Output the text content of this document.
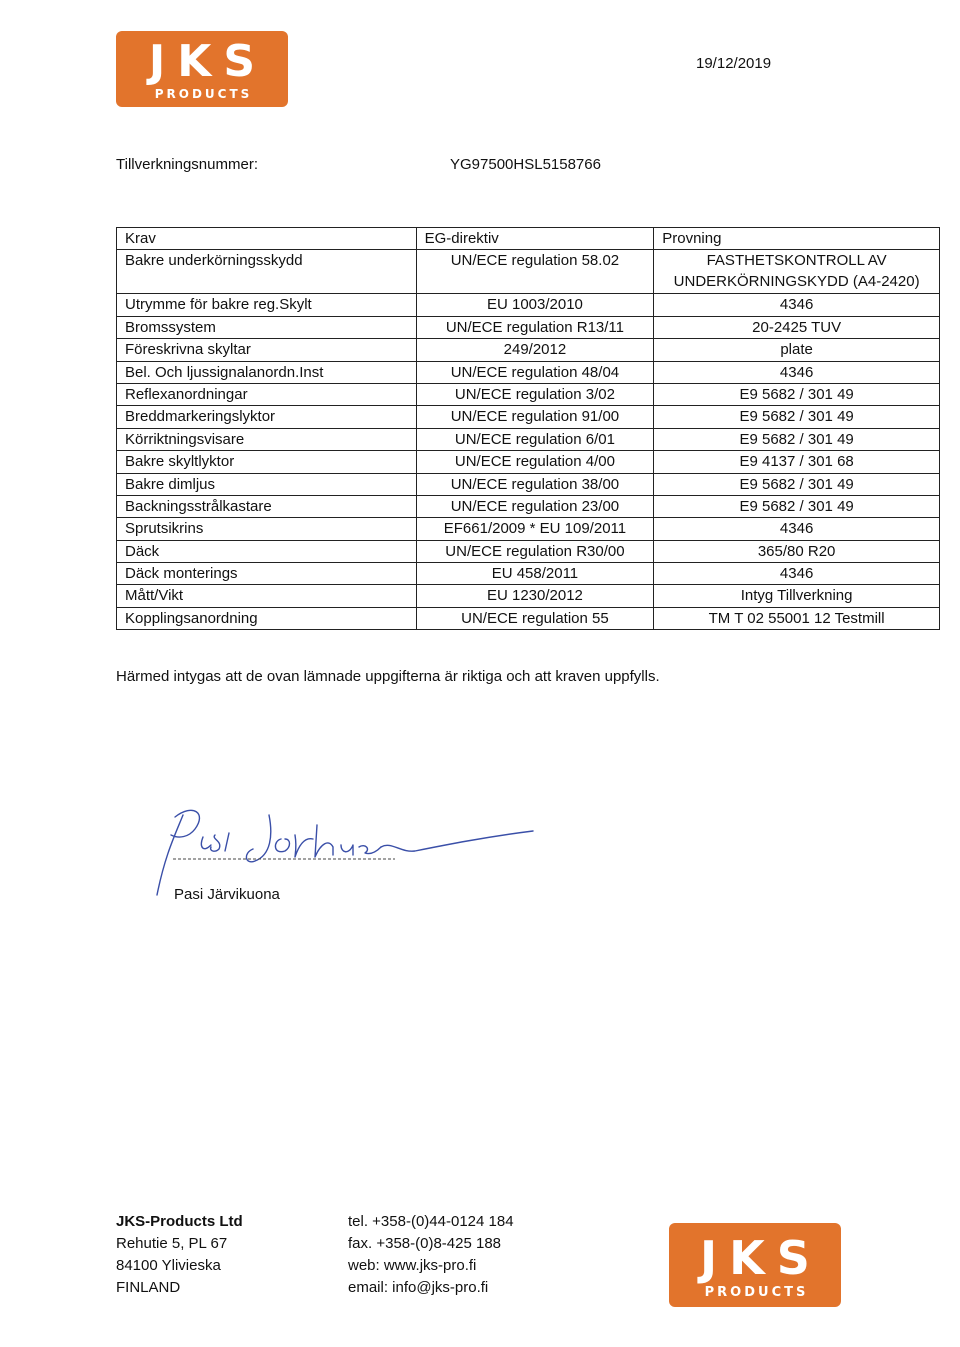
JKS
PRODUCTS
19/12/2019
Tillverkningsnummer:	YG97500HSL5158766
Krav	EG-direktiv	Provning
Bakre underkörningsskydd	UN/ECE regulation 58.02	FASTHETSKONTROLL AV
UNDERKÖRNINGSKYDD (A4-2420)
Utrymme för bakre reg.Skylt	EU 1003/2010	4346
Bromssystem	UN/ECE regulation R13/11	20-2425 TUV
Föreskrivna skyltar	249/2012	plate
Bel. Och ljussignalanordn.Inst	UN/ECE regulation 48/04	4346
Reflexanordningar	UN/ECE regulation 3/02	E9 5682 / 301 49
Breddmarkeringslyktor	UN/ECE regulation 91/00	E9 5682 / 301 49
Körriktningsvisare	UN/ECE regulation 6/01	E9 5682 / 301 49
Bakre skyltlyktor	UN/ECE regulation 4/00	E9 4137 / 301 68
Bakre dimljus	UN/ECE regulation 38/00	E9 5682 / 301 49
Backningsstrålkastare	UN/ECE regulation 23/00	E9 5682 / 301 49
Sprutsikrins	EF661/2009 * EU 109/2011	4346
Däck	UN/ECE regulation R30/00	365/80 R20
Däck monterings	EU 458/2011	4346
Mått/Vikt	EU 1230/2012	Intyg Tillverkning
Kopplingsanordning	UN/ECE regulation 55	TM T 02 55001 12 Testmill
Härmed intygas att de ovan lämnade uppgifterna är riktiga och att kraven uppfylls.
Pasi Järvikuona
JKS-Products Ltd
Rehutie 5, PL 67
84100 Ylivieska
FINLAND
tel. +358-(0)44-0124 184
fax. +358-(0)8-425 188
web: www.jks-pro.fi
email: info@jks-pro.fi
JKS
PRODUCTS
